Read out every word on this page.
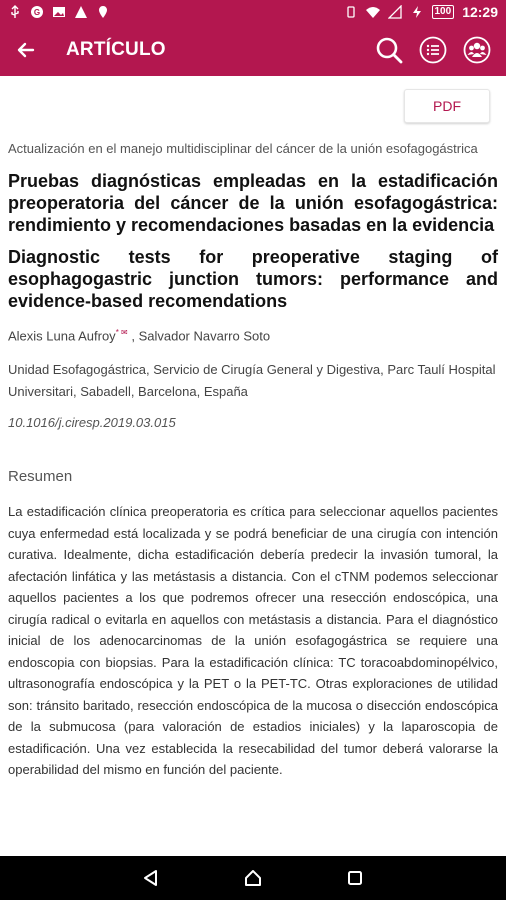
G	100 12:29
ARTÍCULO
PDF
Actualización en el manejo multidisciplinar del cáncer de la unión esofagogástrica
Pruebas diagnósticas empleadas en la estadificación preoperatoria del cáncer de la unión esofagogástrica: rendimiento y recomendaciones basadas en la evidencia
Diagnostic tests for preoperative staging of esophagogastric junction tumors: performance and evidence-based recomendations
Alexis Luna Aufroy* ✉ , Salvador Navarro Soto
Unidad Esofagogástrica, Servicio de Cirugía General y Digestiva, Parc Taulí Hospital Universitari, Sabadell, Barcelona, España
10.1016/j.ciresp.2019.03.015
Resumen
La estadificación clínica preoperatoria es crítica para seleccionar aquellos pacientes cuya enfermedad está localizada y se podrá beneficiar de una cirugía con intención curativa. Idealmente, dicha estadificación debería predecir la invasión tumoral, la afectación linfática y las metástasis a distancia. Con el cTNM podemos seleccionar aquellos pacientes a los que podremos ofrecer una resección endoscópica, una cirugía radical o evitarla en aquellos con metástasis a distancia. Para el diagnóstico inicial de los adenocarcinomas de la unión esofagogástrica se requiere una endoscopia con biopsias. Para la estadificación clínica: TC toracoabdominopélvico, ultrasonografía endoscópica y la PET o la PET-TC. Otras exploraciones de utilidad son: tránsito baritado, resección endoscópica de la mucosa o disección endoscópica de la submucosa (para valoración de estadios iniciales) y la laparoscopia de estadificación. Una vez establecida la resecabilidad del tumor deberá valorarse la operabilidad del mismo en función del paciente.
